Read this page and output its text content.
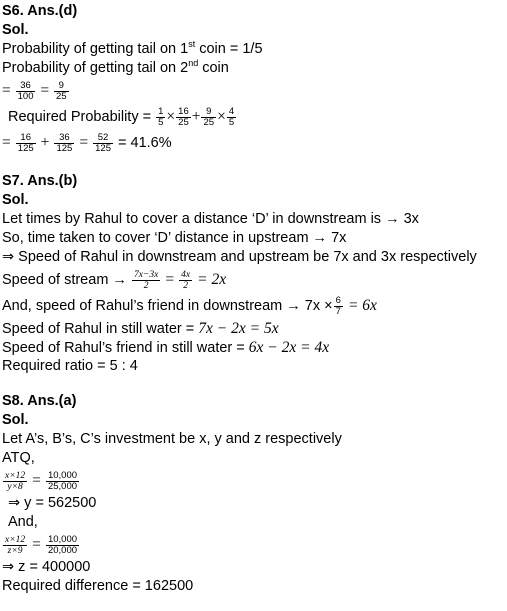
S6. Ans.(d)
Sol.
Probability of getting tail on 1st coin = 1/5
Probability of getting tail on 2nd coin
= $\frac{36}{100} = \frac{9}{25}$
Required Probability = $\frac{1}{5} \times \frac{16}{25} + \frac{9}{25} \times \frac{4}{5}$
= $\frac{16}{125} + \frac{36}{125} = \frac{52}{125} = 41.6\%$
S7. Ans.(b)
Sol.
Let times by Rahul to cover a distance ‘D’ in downstream is → 3x
So, time taken to cover ‘D’ distance in upstream → 7x
⇒ Speed of Rahul in downstream and upstream be 7x and 3x respectively
Speed of stream → $\frac{7x-3x}{2} = \frac{4x}{2} = 2x$
And, speed of Rahul’s friend in downstream → $7x \times \frac{6}{7} = 6x$
Speed of Rahul in still water = 7x − 2x = 5x
Speed of Rahul’s friend in still water = 6x − 2x = 4x
Required ratio = 5 : 4
S8. Ans.(a)
Sol.
Let A’s, B’s, C’s investment be x, y and z respectively
ATQ,
$\frac{x\times 12}{y\times 8} = \frac{10,000}{25,000}$
⇒ y = 562500
And,
$\frac{x\times 12}{z\times 9} = \frac{10,000}{20,000}$
⇒ z = 400000
Required difference = 162500
